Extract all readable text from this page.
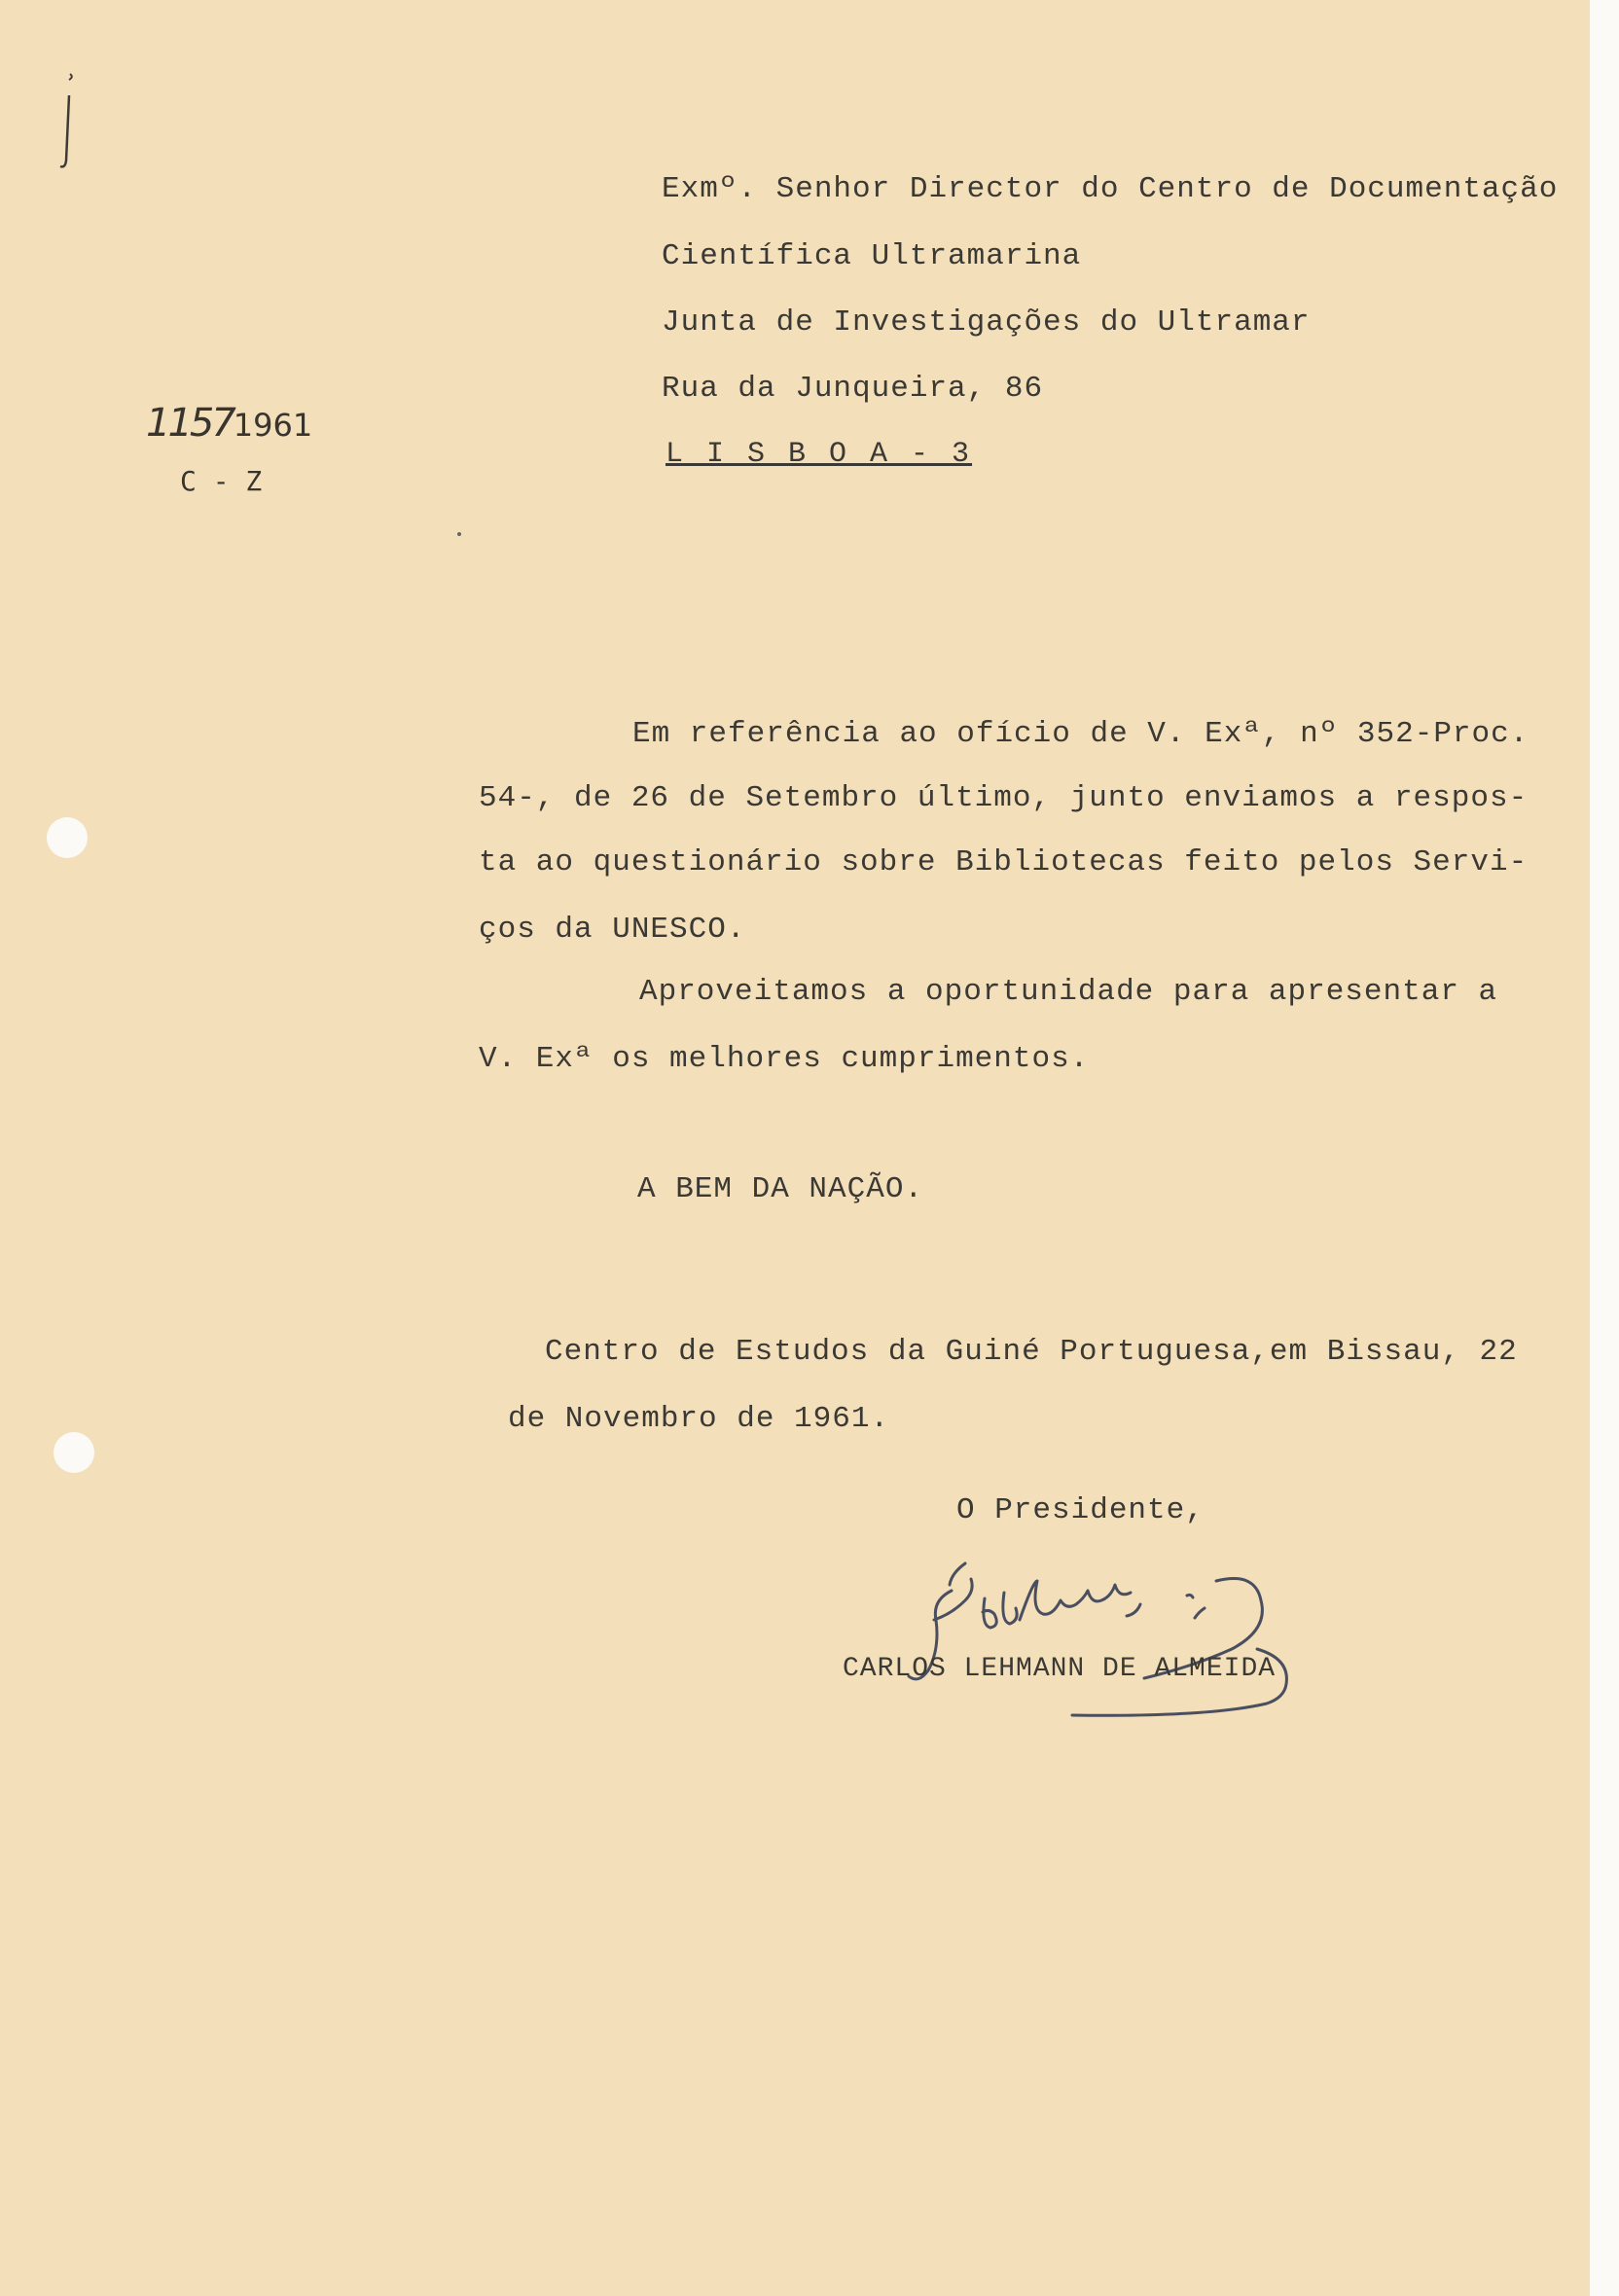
11571961
C - Z
Exmº. Senhor Director do Centro de Documentação
Científica Ultramarina
Junta de Investigações do Ultramar
Rua da Junqueira, 86
L I S B O A - 3
Em referência ao ofício de V. Exª, nº 352-Proc.
54-, de 26 de Setembro último, junto enviamos a respos-
ta ao questionário sobre Bibliotecas feito pelos Servi-
ços da UNESCO.
Aproveitamos a oportunidade para apresentar a
V. Exª os melhores cumprimentos.
A BEM DA NAÇÃO.
Centro de Estudos da Guiné Portuguesa,em Bissau, 22
de Novembro de 1961.
O Presidente,
CARLOS LEHMANN DE ALMEIDA
